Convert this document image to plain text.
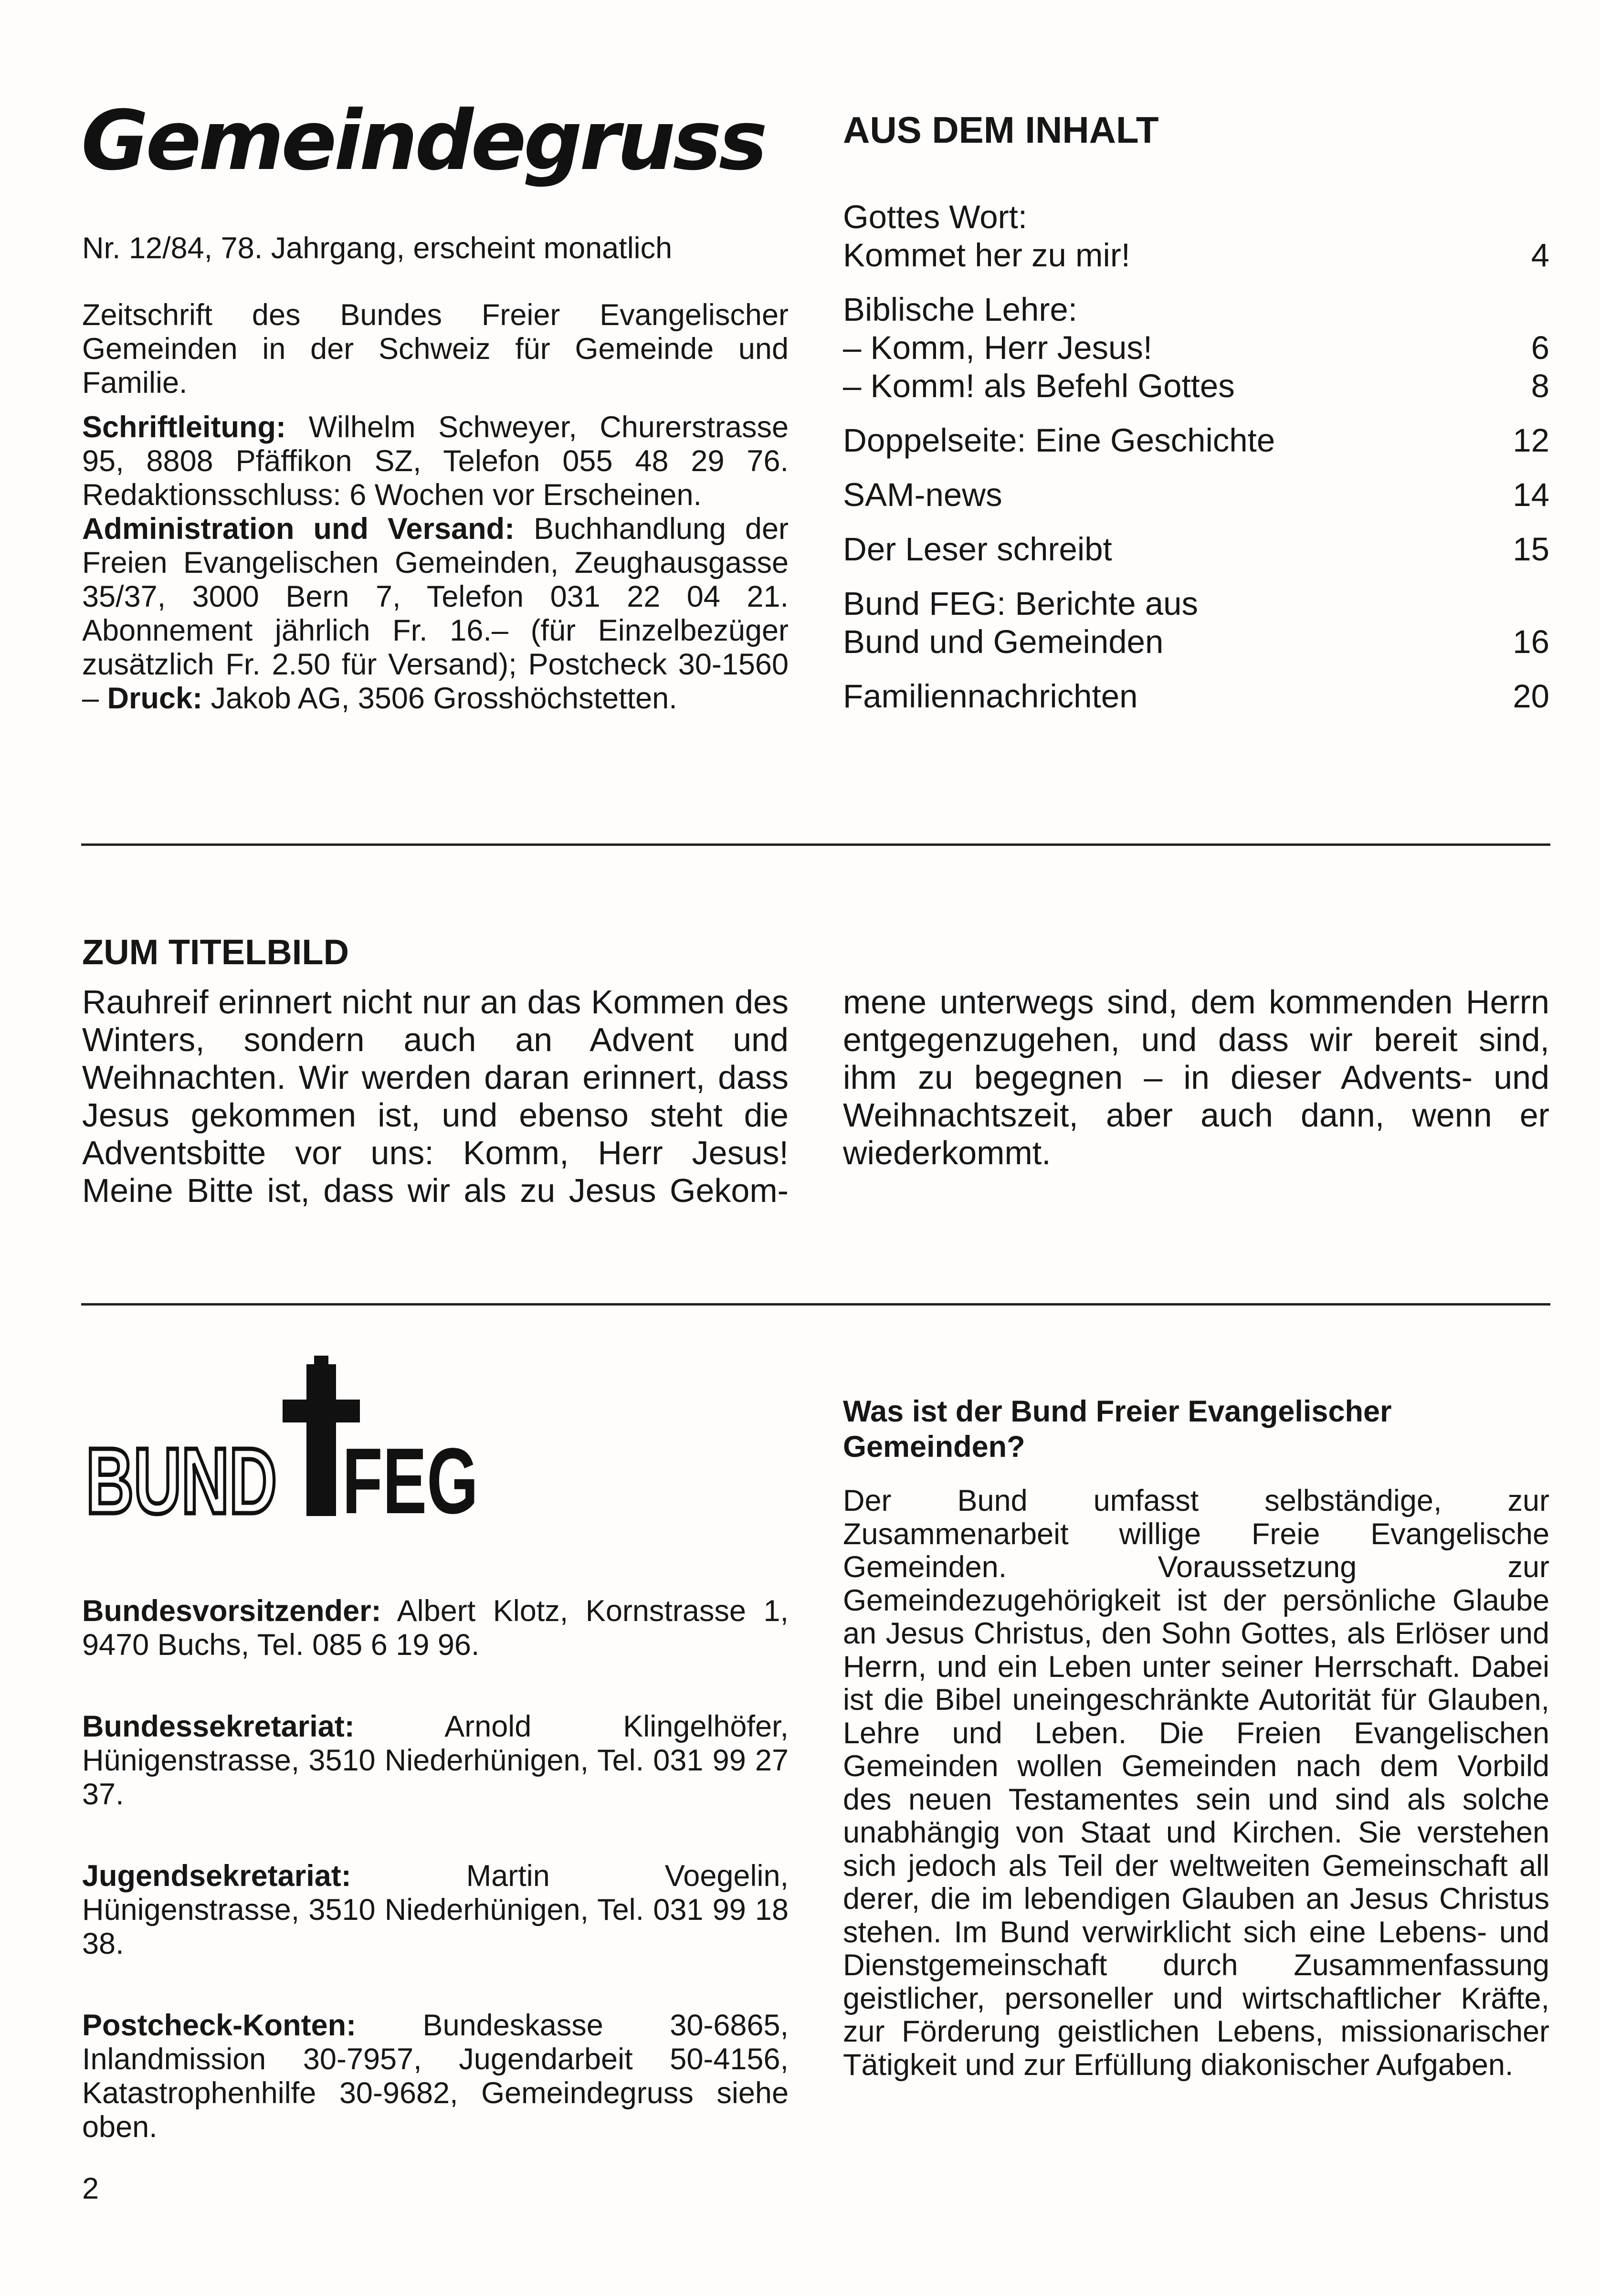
Gemeindegruss
Nr. 12/84, 78. Jahrgang, erscheint monatlich

Zeitschrift des Bundes Freier Evangelischer Gemeinden in der Schweiz für Gemeinde und Familie.

Schriftleitung: Wilhelm Schweyer, Churerstrasse 95, 8808 Pfäffikon SZ, Telefon 055 48 29 76. Redaktionsschluss: 6 Wochen vor Erscheinen.

Administration und Versand: Buchhandlung der Freien Evangelischen Gemeinden, Zeughausgasse 35/37, 3000 Bern 7, Telefon 031 22 04 21. Abonnement jährlich Fr. 16.– (für Einzelbezüger zusätzlich Fr. 2.50 für Versand); Postcheck 30-1560 – Druck: Jakob AG, 3506 Grosshöchstetten.

AUS DEM INHALT
Gottes Wort:
Kommet her zu mir!	4
Biblische Lehre:
– Komm, Herr Jesus!	6
– Komm! als Befehl Gottes	8
Doppelseite: Eine Geschichte	12
SAM-news	14
Der Leser schreibt	15
Bund FEG: Berichte aus
Bund und Gemeinden	16
Familiennachrichten	20
ZUM TITELBILD

Rauhreif erinnert nicht nur an das Kommen des Winters, sondern auch an Advent und Weihnachten. Wir werden daran erinnert, dass Jesus gekommen ist, und ebenso steht die Adventsbitte vor uns: Komm, Herr Jesus! Meine Bitte ist, dass wir als zu Jesus Gekom-

mene unterwegs sind, dem kommenden Herrn entgegenzugehen, und dass wir bereit sind, ihm zu begegnen – in dieser Advents- und Weihnachtszeit, aber auch dann, wenn er wiederkommt.

BUND FEG

Bundesvorsitzender: Albert Klotz, Kornstrasse 1, 9470 Buchs, Tel. 085 6 19 96.

Bundessekretariat: Arnold Klingelhöfer, Hünigenstrasse, 3510 Niederhünigen, Tel. 031 99 27 37.

Jugendsekretariat: Martin Voegelin, Hünigenstrasse, 3510 Niederhünigen, Tel. 031 99 18 38.

Postcheck-Konten: Bundeskasse 30-6865, Inlandmission 30-7957, Jugendarbeit 50-4156, Katastrophenhilfe 30-9682, Gemeindegruss siehe oben.

Was ist der Bund Freier Evangelischer Gemeinden?

Der Bund umfasst selbständige, zur Zusammenarbeit willige Freie Evangelische Gemeinden. Voraussetzung zur Gemeindezugehörigkeit ist der persönliche Glaube an Jesus Christus, den Sohn Gottes, als Erlöser und Herrn, und ein Leben unter seiner Herrschaft. Dabei ist die Bibel uneingeschränkte Autorität für Glauben, Lehre und Leben. Die Freien Evangelischen Gemeinden wollen Gemeinden nach dem Vorbild des neuen Testamentes sein und sind als solche unabhängig von Staat und Kirchen. Sie verstehen sich jedoch als Teil der weltweiten Gemeinschaft all derer, die im lebendigen Glauben an Jesus Christus stehen. Im Bund verwirklicht sich eine Lebens- und Dienstgemeinschaft durch Zusammenfassung geistlicher, personeller und wirtschaftlicher Kräfte, zur Förderung geistlichen Lebens, missionarischer Tätigkeit und zur Erfüllung diakonischer Aufgaben.

2
